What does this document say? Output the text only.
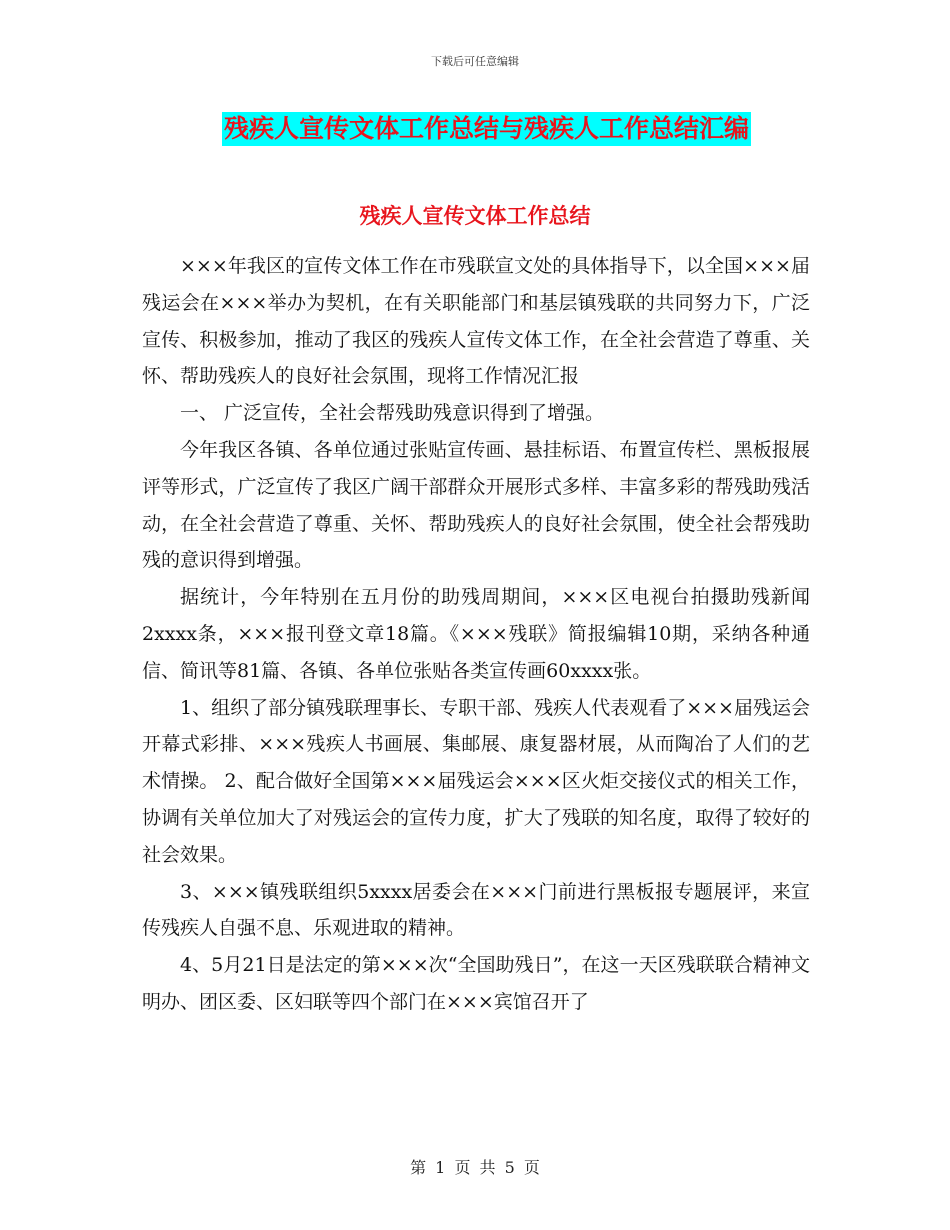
下载后可任意编辑
残疾人宣传文体工作总结与残疾人工作总结汇编
残疾人宣传文体工作总结

×××年我区的宣传文体工作在市残联宣文处的具体指导下，以全国×××届残运会在×××举办为契机，在有关职能部门和基层镇残联的共同努力下，广泛宣传、积极参加，推动了我区的残疾人宣传文体工作，在全社会营造了尊重、关怀、帮助残疾人的良好社会氛围，现将工作情况汇报

一、 广泛宣传，全社会帮残助残意识得到了增强。

今年我区各镇、各单位通过张贴宣传画、悬挂标语、布置宣传栏、黑板报展评等形式，广泛宣传了我区广阔干部群众开展形式多样、丰富多彩的帮残助残活动，在全社会营造了尊重、关怀、帮助残疾人的良好社会氛围，使全社会帮残助残的意识得到增强。

据统计，今年特别在五月份的助残周期间，×××区电视台拍摄助残新闻2xxxx条，×××报刊登文章18篇。《×××残联》简报编辑10期，采纳各种通信、简讯等81篇、各镇、各单位张贴各类宣传画60xxxx张。

1、组织了部分镇残联理事长、专职干部、残疾人代表观看了×××届残运会开幕式彩排、×××残疾人书画展、集邮展、康复器材展，从而陶冶了人们的艺术情操。 2、配合做好全国第×××届残运会×××区火炬交接仪式的相关工作，协调有关单位加大了对残运会的宣传力度，扩大了残联的知名度，取得了较好的社会效果。

3、×××镇残联组织5xxxx居委会在×××门前进行黑板报专题展评，来宣传残疾人自强不息、乐观进取的精神。

4、5月21日是法定的第×××次“全国助残日”，在这一天区残联联合精神文明办、团区委、区妇联等四个部门在×××宾馆召开了

第 1 页 共 5 页
